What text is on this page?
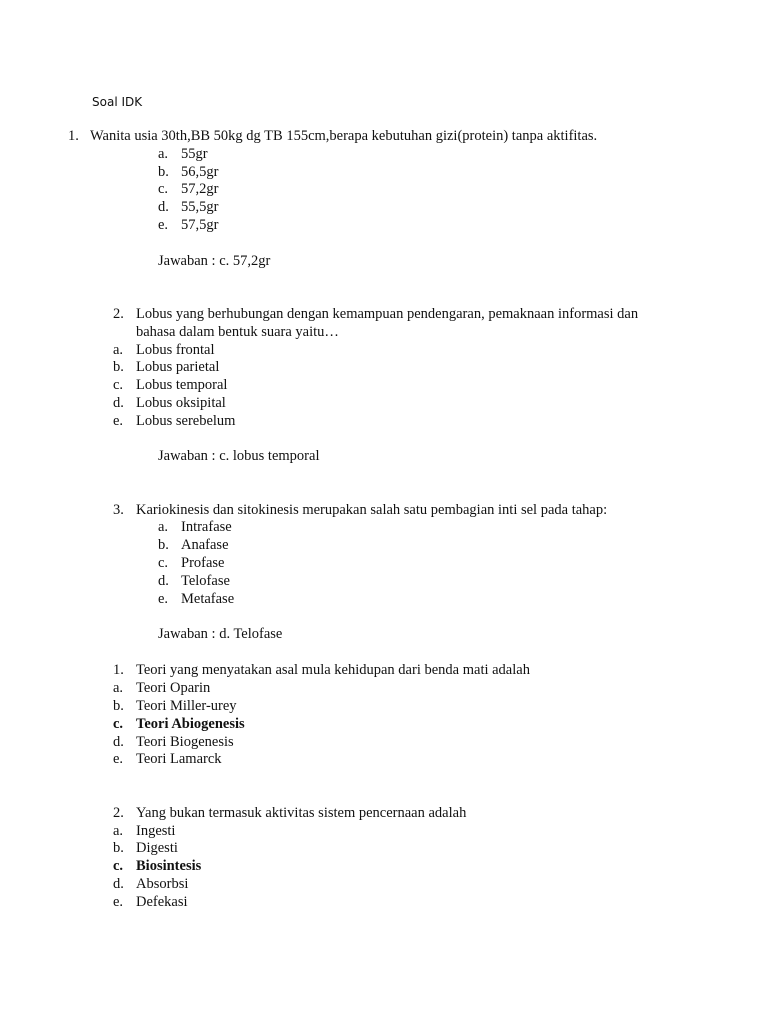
Soal IDK
1. Wanita usia 30th,BB 50kg dg TB 155cm,berapa kebutuhan gizi(protein) tanpa aktifitas.
a. 55gr
b. 56,5gr
c. 57,2gr
d. 55,5gr
e. 57,5gr
Jawaban : c. 57,2gr
2. Lobus yang berhubungan dengan kemampuan pendengaran, pemaknaan informasi dan
bahasa dalam bentuk suara yaitu…
a. Lobus frontal
b. Lobus parietal
c. Lobus temporal
d. Lobus oksipital
e. Lobus serebelum
Jawaban : c. lobus temporal
3. Kariokinesis dan sitokinesis merupakan salah satu pembagian inti sel pada tahap:
a. Intrafase
b. Anafase
c. Profase
d. Telofase
e. Metafase
Jawaban : d. Telofase
1. Teori yang menyatakan asal mula kehidupan dari benda mati adalah
a. Teori Oparin
b. Teori Miller-urey
c. Teori Abiogenesis
d. Teori Biogenesis
e. Teori Lamarck
2. Yang bukan termasuk aktivitas sistem pencernaan adalah
a. Ingesti
b. Digesti
c. Biosintesis
d. Absorbsi
e. Defekasi
